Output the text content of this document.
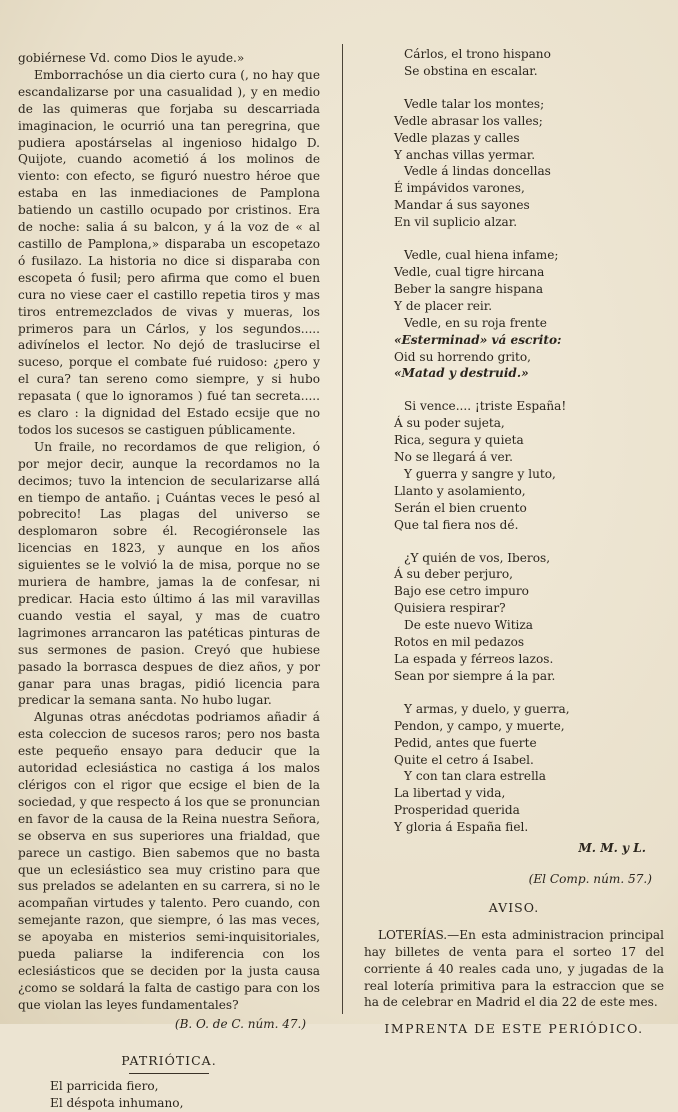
gobiérnese Vd. como Dios le ayude.»

Emborrachóse un dia cierto cura (, no hay que escandalizarse por una casualidad ), y en medio de las quimeras que forjaba su descarriada imaginacion, le ocurrió una tan peregrina, que pudiera apostárselas al ingenioso hidalgo D. Quijote, cuando acometió á los molinos de viento: con efecto, se figuró nuestro héroe que estaba en las inmediaciones de Pamplona batiendo un castillo ocupado por cristinos. Era de noche: salia á su balcon, y á la voz de « al castillo de Pamplona,» disparaba un escopetazo ó fusilazo. La historia no dice si disparaba con escopeta ó fusil; pero afirma que como el buen cura no viese caer el castillo repetia tiros y mas tiros entremezclados de vivas y mueras, los primeros para un Cárlos, y los segundos..... adivínelos el lector. No dejó de traslucirse el suceso, porque el combate fué ruidoso: ¿pero y el cura? tan sereno como siempre, y si hubo repasata ( que lo ignoramos ) fué tan secreta..... es claro : la dignidad del Estado ecsije que no todos los sucesos se castiguen públicamente.

Un fraile, no recordamos de que religion, ó por mejor decir, aunque la recordamos no la decimos; tuvo la intencion de secularizarse allá en tiempo de antaño. ¡ Cuántas veces le pesó al pobrecito! Las plagas del universo se desplomaron sobre él. Recogiéronsele las licencias en 1823, y aunque en los años siguientes se le volvió la de misa, porque no se muriera de hambre, jamas la de confesar, ni predicar. Hacia esto último á las mil varavillas cuando vestia el sayal, y mas de cuatro lagrimones arrancaron las patéticas pinturas de sus sermones de pasion. Creyó que hubiese pasado la borrasca despues de diez años, y por ganar para unas bragas, pidió licencia para predicar la semana santa. No hubo lugar.

Algunas otras anécdotas podriamos añadir á esta coleccion de sucesos raros; pero nos basta este pequeño ensayo para deducir que la autoridad eclesiástica no castiga á los malos clérigos con el rigor que ecsige el bien de la sociedad, y que respecto á los que se pronuncian en favor de la causa de la Reina nuestra Señora, se observa en sus superiores una frialdad, que parece un castigo. Bien sabemos que no basta que un eclesiástico sea muy cristino para que sus prelados se adelanten en su carrera, si no le acompañan virtudes y talento. Pero cuando, con semejante razon, que siempre, ó las mas veces, se apoyaba en misterios semi-inquisitoriales, pueda paliarse la indiferencia con los eclesiásticos que se deciden por la justa causa ¿como se soldará la falta de castigo para con los que violan las leyes fundamentales?

(B. O. de C. núm. 47.)
PATRIÓTICA.

El parricida fiero,

El déspota inhumano,

Cárlos, el trono hispano
Se obstina en escalar.
Vedle talar los montes;
Vedle abrasar los valles;
Vedle plazas y calles
Y anchas villas yermar.
Vedle á lindas doncellas
É impávidos varones,
Mandar á sus sayones
En vil suplicio alzar.
Vedle, cual hiena infame;
Vedle, cual tigre hircana
Beber la sangre hispana
Y de placer reir.
Vedle, en su roja frente
«Esterminad» vá escrito:
Oid su horrendo grito,
«Matad y destruid.»
Si vence.... ¡triste España!
Á su poder sujeta,
Rica, segura y quieta
No se llegará á ver.
Y guerra y sangre y luto,
Llanto y asolamiento,
Serán el bien cruento
Que tal fiera nos dé.
¿Y quién de vos, Iberos,
Á su deber perjuro,
Bajo ese cetro impuro
Quisiera respirar?
De este nuevo Witiza
Rotos en mil pedazos
La espada y férreos lazos.
Sean por siempre á la par.
Y armas, y duelo, y guerra,
Pendon, y campo, y muerte,
Pedid, antes que fuerte
Quite el cetro á Isabel.
Y con tan clara estrella
La libertad y vida,
Prosperidad querida
Y gloria á España fiel.
M. M. y L.
(El Comp. núm. 57.)
AVISO.

LOTERÍAS.—En esta administracion principal hay billetes de venta para el sorteo 17 del corriente á 40 reales cada uno, y jugadas de la real lotería primitiva para la estraccion que se ha de celebrar en Madrid el dia 22 de este mes.

IMPRENTA DE ESTE PERIÓDICO.
